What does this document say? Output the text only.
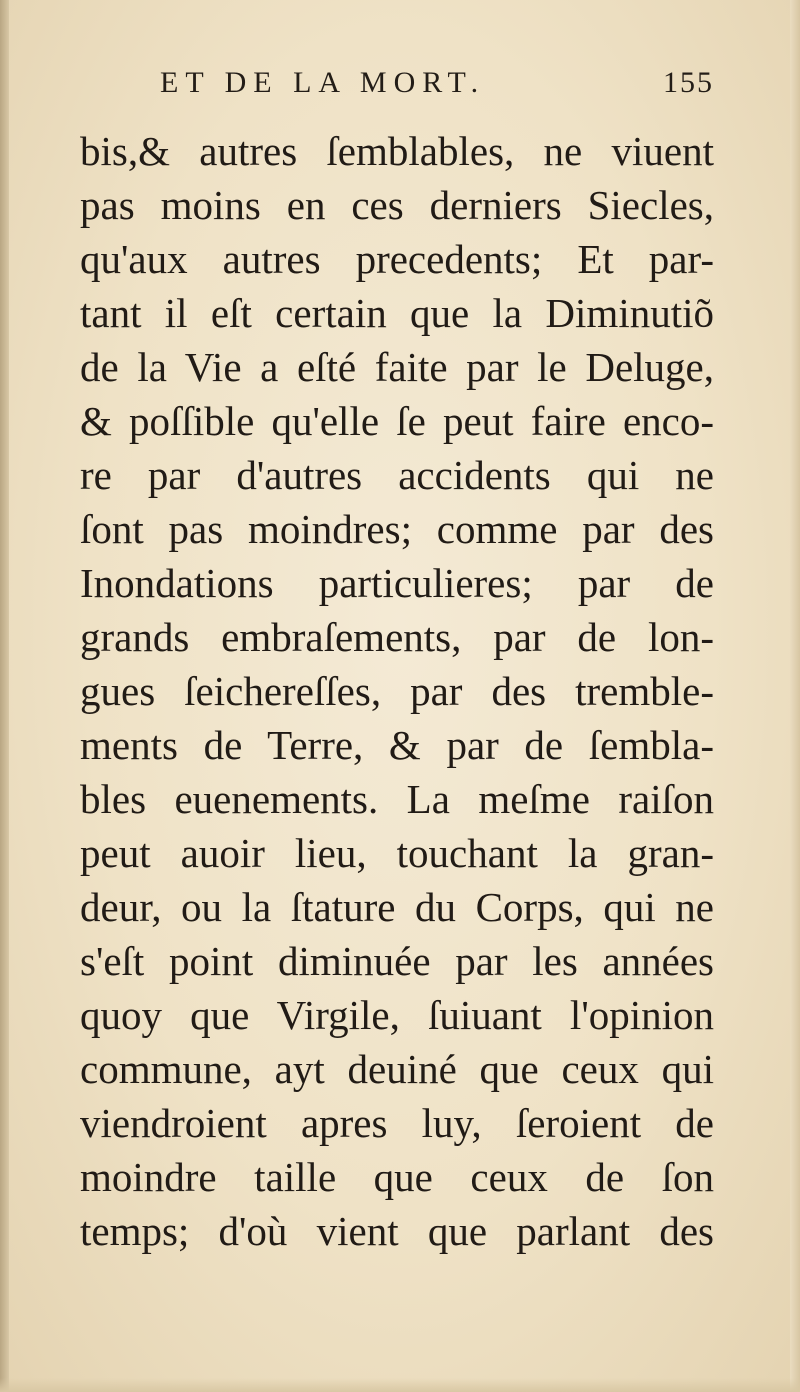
ET DE LA MORT.	155
bis,& autres ſemblables, ne viuent
pas moins en ces derniers Siecles,
qu'aux autres precedents; Et par-
tant il eſt certain que la Diminutiõ
de la Vie a eſté faite par le Deluge,
& poſſible qu'elle ſe peut faire enco-
re par d'autres accidents qui ne
ſont pas moindres; comme par des
Inondations particulieres; par de
grands embraſements, par de lon-
gues ſeichereſſes, par des tremble-
ments de Terre, & par de ſembla-
bles euenements. La meſme raiſon
peut auoir lieu, touchant la gran-
deur, ou la ſtature du Corps, qui ne
s'eſt point diminuée par les années
quoy que Virgile, ſuiuant l'opinion
commune, ayt deuiné que ceux qui
viendroient apres luy, ſeroient de
moindre taille que ceux de ſon
temps; d'où vient que parlant des
